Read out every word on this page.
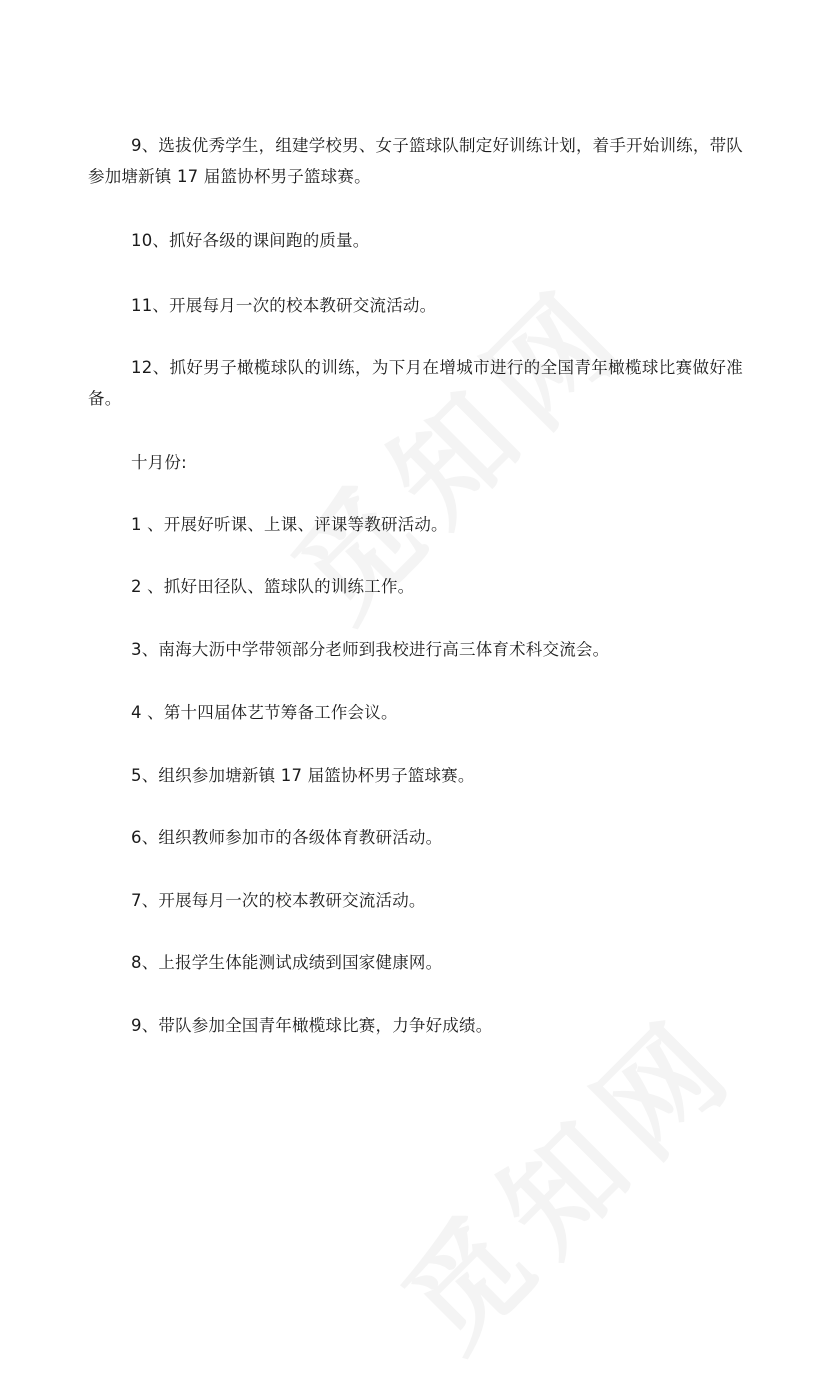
9、选拔优秀学生，组建学校男、女子篮球队制定好训练计划，着手开始训练，带队参加塘新镇 17 届篮协杯男子篮球赛。

10、抓好各级的课间跑的质量。

11、开展每月一次的校本教研交流活动。

12、抓好男子橄榄球队的训练，为下月在增城市进行的全国青年橄榄球比赛做好准备。

十月份:

1 、开展好听课、上课、评课等教研活动。

2 、抓好田径队、篮球队的训练工作。

3、南海大沥中学带领部分老师到我校进行高三体育术科交流会。

4 、第十四届体艺节筹备工作会议。

5、组织参加塘新镇 17 届篮协杯男子篮球赛。

6、组织教师参加市的各级体育教研活动。

7、开展每月一次的校本教研交流活动。

8、上报学生体能测试成绩到国家健康网。

9、带队参加全国青年橄榄球比赛，力争好成绩。
